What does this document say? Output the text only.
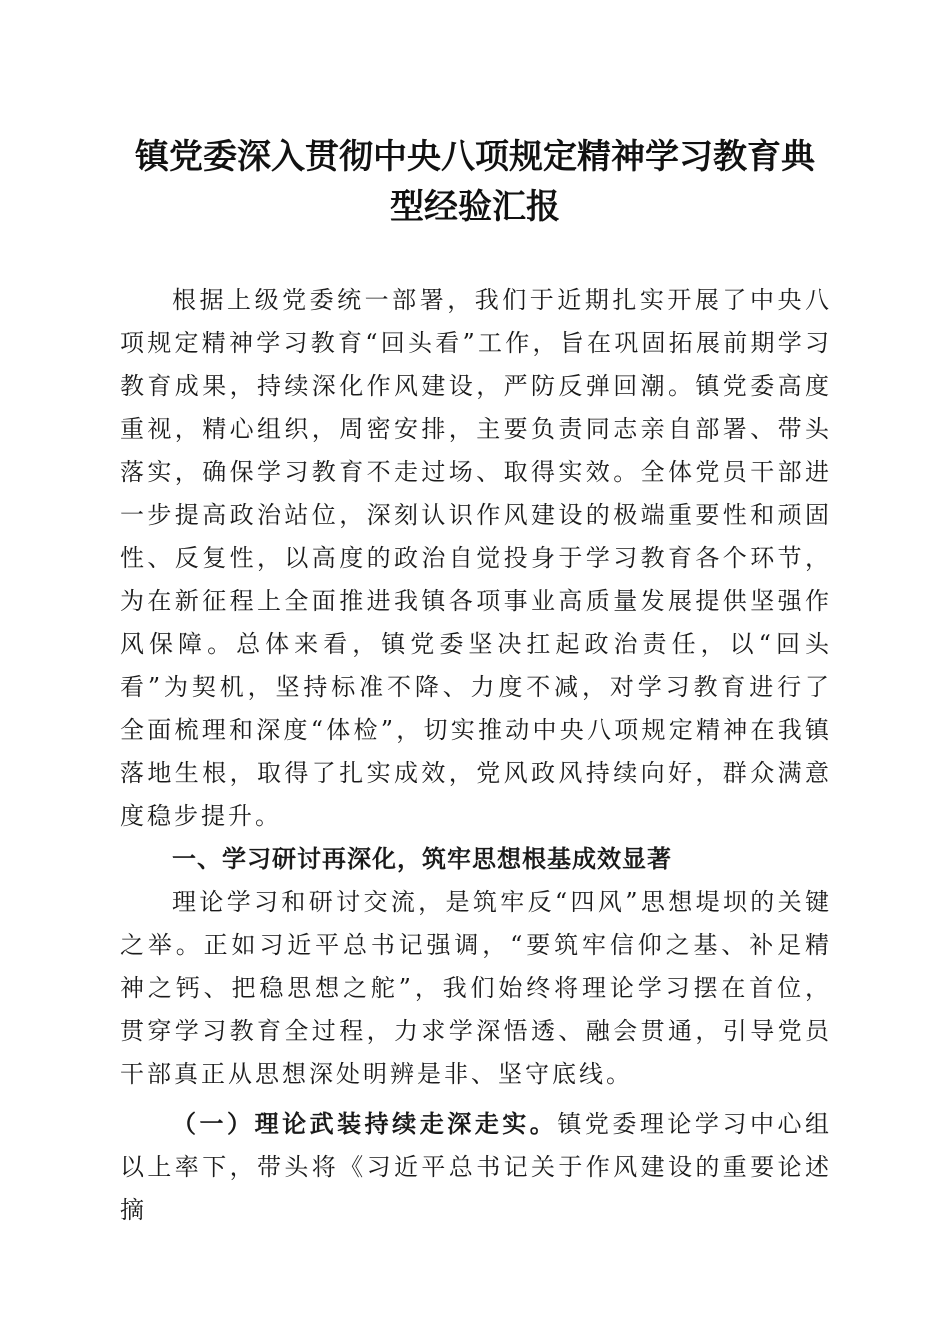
镇党委深入贯彻中央八项规定精神学习教育典
型经验汇报

根据上级党委统一部署，我们于近期扎实开展了中央八项规定精神学习教育“回头看”工作，旨在巩固拓展前期学习教育成果，持续深化作风建设，严防反弹回潮。镇党委高度重视，精心组织，周密安排，主要负责同志亲自部署、带头落实，确保学习教育不走过场、取得实效。全体党员干部进一步提高政治站位，深刻认识作风建设的极端重要性和顽固性、反复性，以高度的政治自觉投身于学习教育各个环节，为在新征程上全面推进我镇各项事业高质量发展提供坚强作风保障。总体来看，镇党委坚决扛起政治责任，以“回头看”为契机，坚持标准不降、力度不减，对学习教育进行了全面梳理和深度“体检”，切实推动中央八项规定精神在我镇落地生根，取得了扎实成效，党风政风持续向好，群众满意度稳步提升。

一、学习研讨再深化，筑牢思想根基成效显著

理论学习和研讨交流，是筑牢反“四风”思想堤坝的关键之举。正如习近平总书记强调，“要筑牢信仰之基、补足精神之钙、把稳思想之舵”，我们始终将理论学习摆在首位，贯穿学习教育全过程，力求学深悟透、融会贯通，引导党员干部真正从思想深处明辨是非、坚守底线。

（一）理论武装持续走深走实。镇党委理论学习中心组以上率下，带头将《习近平总书记关于作风建设的重要论述摘
